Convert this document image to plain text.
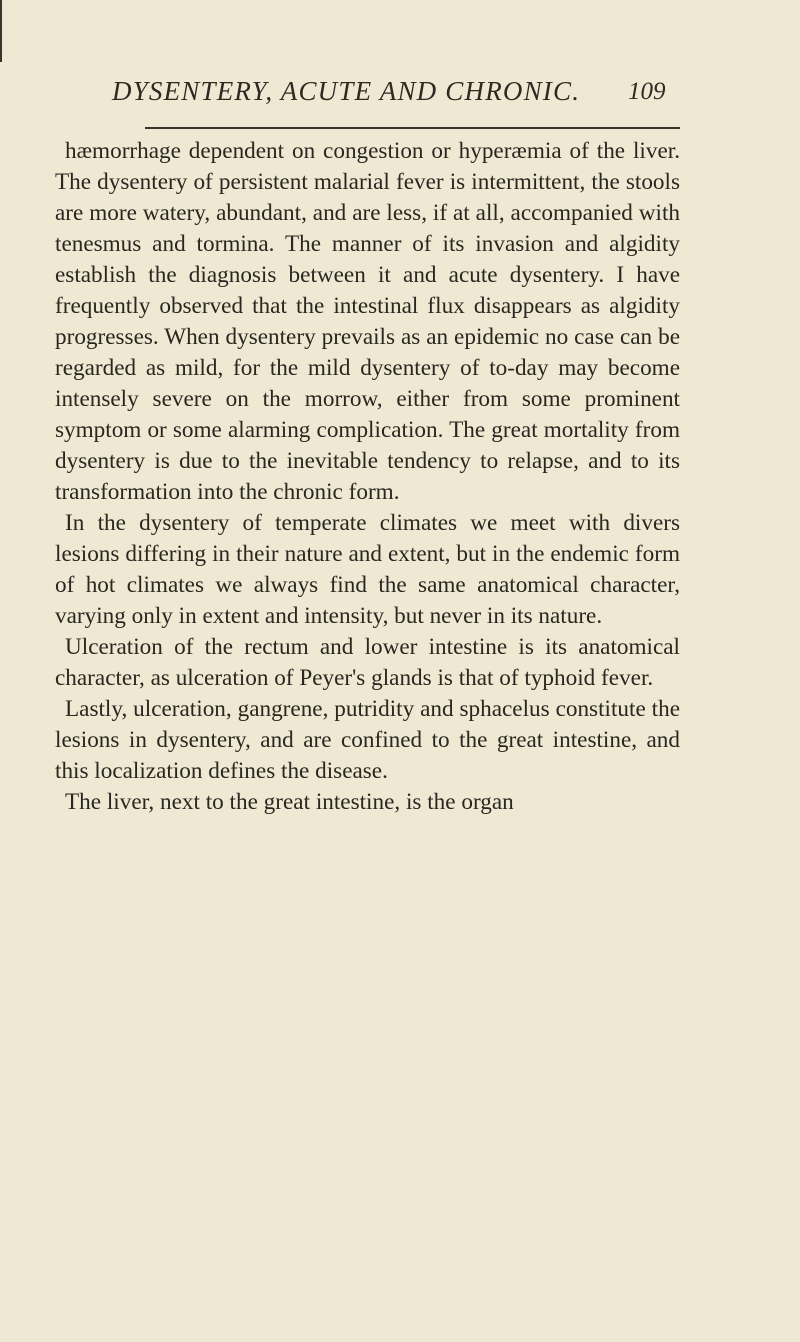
DYSENTERY, ACUTE AND CHRONIC. 109

hæmorrhage dependent on congestion or hyperæmia of the liver. The dysentery of persistent malarial fever is intermittent, the stools are more watery, abundant, and are less, if at all, accompanied with tenesmus and tormina. The manner of its invasion and algidity establish the diagnosis between it and acute dysentery. I have frequently observed that the intestinal flux disappears as algidity progresses. When dysentery prevails as an epidemic no case can be regarded as mild, for the mild dysentery of to-day may become intensely severe on the morrow, either from some prominent symptom or some alarming complication. The great mortality from dysentery is due to the inevitable tendency to relapse, and to its transformation into the chronic form.

In the dysentery of temperate climates we meet with divers lesions differing in their nature and extent, but in the endemic form of hot climates we always find the same anatomical character, varying only in extent and intensity, but never in its nature.

Ulceration of the rectum and lower intestine is its anatomical character, as ulceration of Peyer's glands is that of typhoid fever.

Lastly, ulceration, gangrene, putridity and sphacelus constitute the lesions in dysentery, and are confined to the great intestine, and this localization defines the disease.

The liver, next to the great intestine, is the organ
